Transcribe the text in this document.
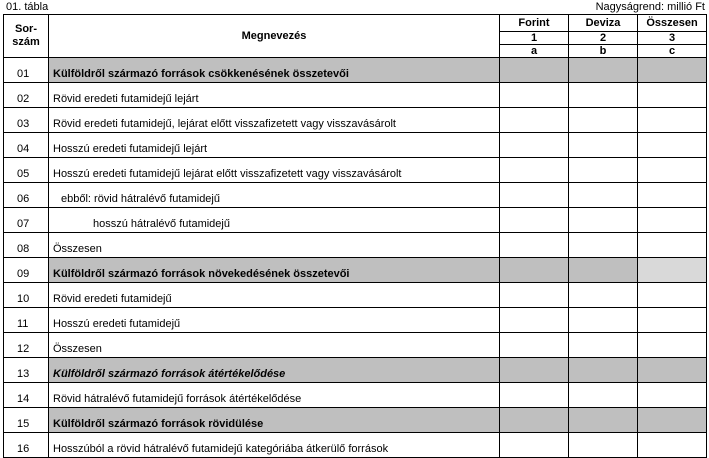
01. tábla	Nagyságrend: millió Ft
Sor-
szám	Megnevezés	Forint	Deviza	Összesen
		1	2	3
		a	b	c
01	Külföldről származó források csökkenésének összetevői			
02	Rövid eredeti futamidejű lejárt			
03	Rövid eredeti futamidejű, lejárat előtt visszafizetett vagy visszavásárolt			
04	Hosszú eredeti futamidejű lejárt			
05	Hosszú eredeti futamidejű lejárat előtt visszafizetett vagy visszavásárolt			
06	ebből: rövid hátralévő futamidejű			
07	hosszú hátralévő futamidejű			
08	Összesen			
09	Külföldről származó források növekedésének összetevői			
10	Rövid eredeti futamidejű			
11	Hosszú eredeti futamidejű			
12	Összesen			
13	Külföldről származó források átértékelődése			
14	Rövid hátralévő futamidejű források átértékelődése			
15	Külföldről származó források rövidülése			
16	Hosszúból a rövid hátralévő futamidejű kategóriába átkerülő források			
